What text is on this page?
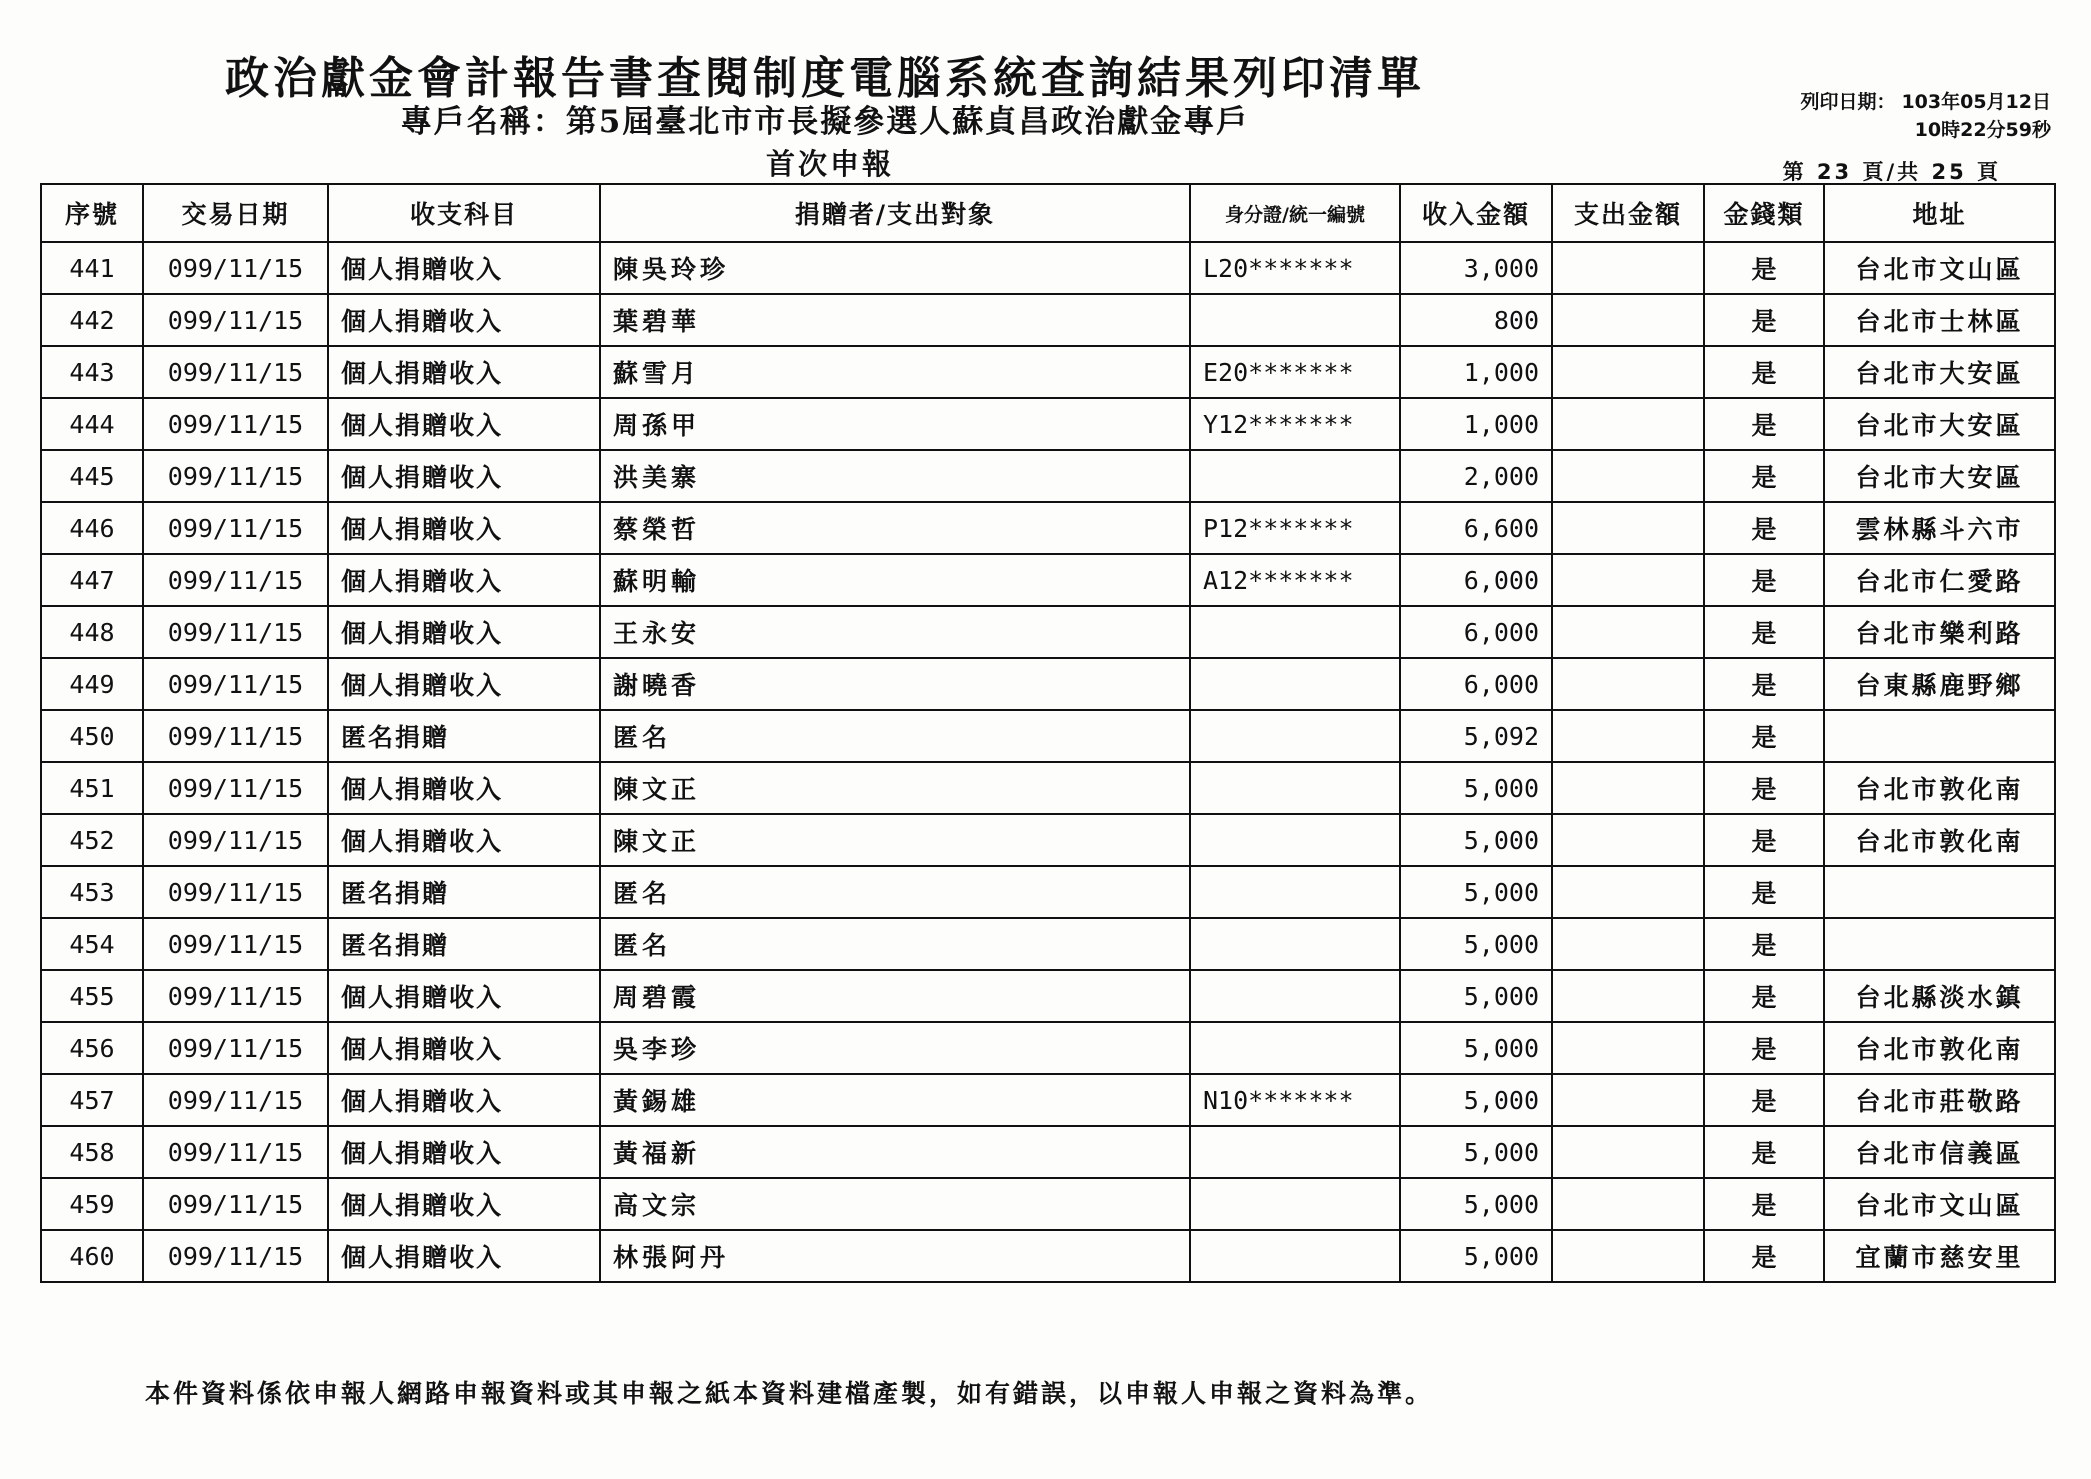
政治獻金會計報告書查閱制度電腦系統查詢結果列印清單
專戶名稱：第5屆臺北市市長擬參選人蘇貞昌政治獻金專戶
首次申報
列印日期： 103年05月12日
10時22分59秒
第 23 頁/共 25 頁
序號	交易日期	收支科目	捐贈者/支出對象	身分證/統一編號	收入金額	支出金額	金錢類	地址
441	099/11/15	個人捐贈收入	陳吳玲珍	L20*******	3,000		是	台北市文山區
442	099/11/15	個人捐贈收入	葉碧華		800		是	台北市士林區
443	099/11/15	個人捐贈收入	蘇雪月	E20*******	1,000		是	台北市大安區
444	099/11/15	個人捐贈收入	周孫甲	Y12*******	1,000		是	台北市大安區
445	099/11/15	個人捐贈收入	洪美寨		2,000		是	台北市大安區
446	099/11/15	個人捐贈收入	蔡榮哲	P12*******	6,600		是	雲林縣斗六市
447	099/11/15	個人捐贈收入	蘇明輸	A12*******	6,000		是	台北市仁愛路
448	099/11/15	個人捐贈收入	王永安		6,000		是	台北市樂利路
449	099/11/15	個人捐贈收入	謝曉香		6,000		是	台東縣鹿野鄉
450	099/11/15	匿名捐贈	匿名		5,092		是	
451	099/11/15	個人捐贈收入	陳文正		5,000		是	台北市敦化南
452	099/11/15	個人捐贈收入	陳文正		5,000		是	台北市敦化南
453	099/11/15	匿名捐贈	匿名		5,000		是	
454	099/11/15	匿名捐贈	匿名		5,000		是	
455	099/11/15	個人捐贈收入	周碧霞		5,000		是	台北縣淡水鎮
456	099/11/15	個人捐贈收入	吳李珍		5,000		是	台北市敦化南
457	099/11/15	個人捐贈收入	黃錫雄	N10*******	5,000		是	台北市莊敬路
458	099/11/15	個人捐贈收入	黃福新		5,000		是	台北市信義區
459	099/11/15	個人捐贈收入	高文宗		5,000		是	台北市文山區
460	099/11/15	個人捐贈收入	林張阿丹		5,000		是	宜蘭市慈安里
本件資料係依申報人網路申報資料或其申報之紙本資料建檔產製，如有錯誤，以申報人申報之資料為準。
